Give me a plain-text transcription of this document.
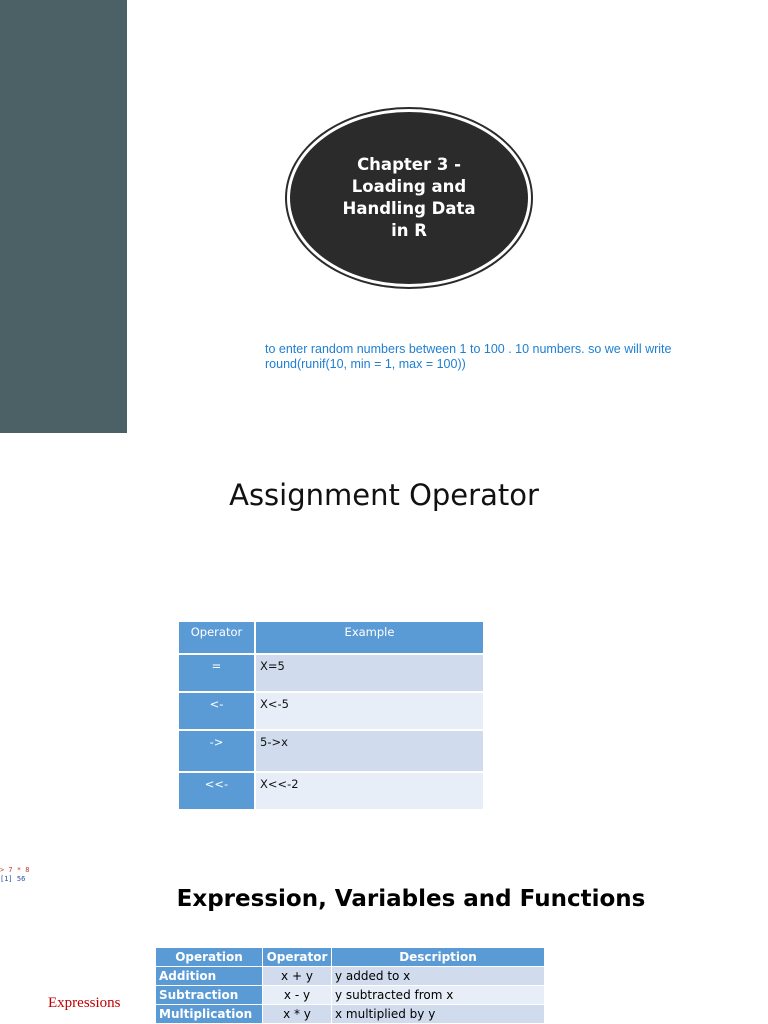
Chapter 3 - Loading and Handling Data in R
to enter random numbers between 1 to 100 . 10 numbers. so we will write
round(runif(10, min = 1, max = 100))
Assignment Operator
Operator	Example
=	X=5
<-	X<-5
->	5->x
<<-	X<<-2
> 7 * 8
[1] 56
Expression, Variables and Functions
Expressions
Operation	Operator	Description
Addition	x + y	y added to x
Subtraction	x - y	y subtracted from x
Multiplication	x * y	x multiplied by y
